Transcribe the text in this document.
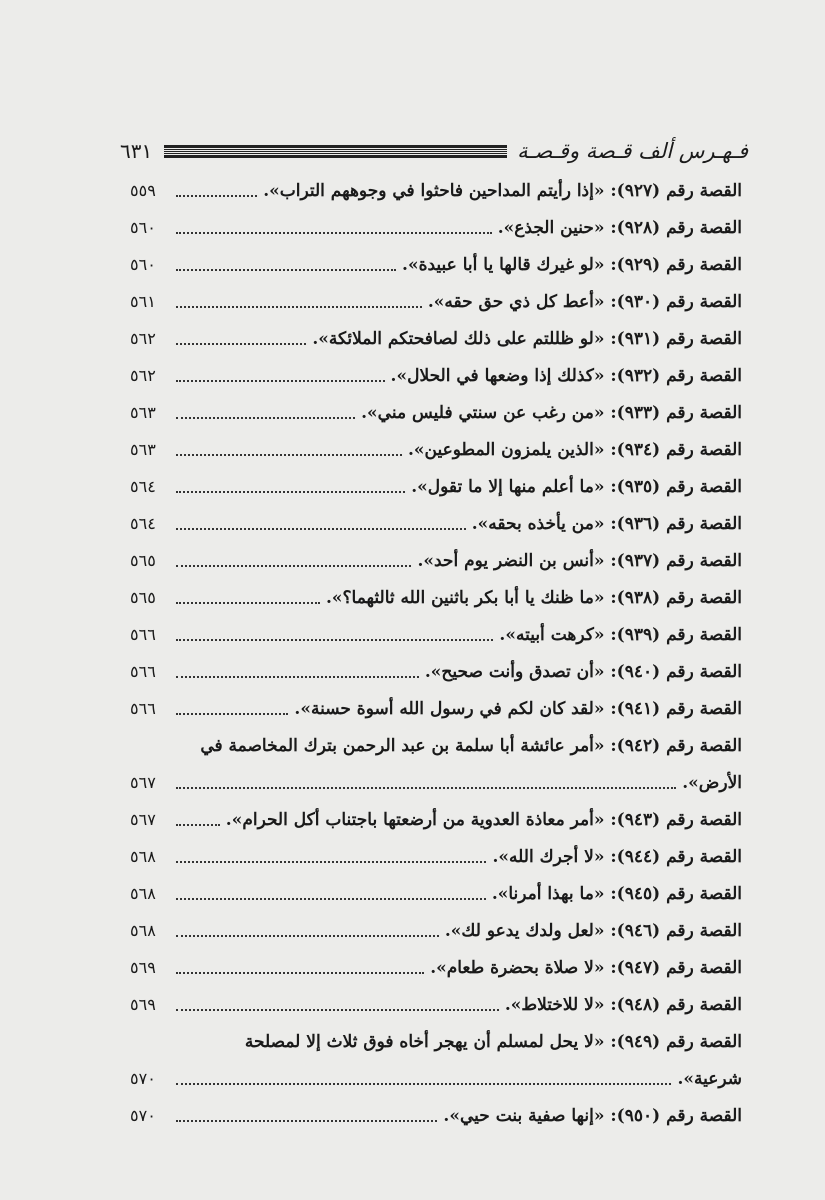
فـهـرس ألف قـصة وقـصـة
٦٣١
القصة رقم (٩٢٧): «إذا رأيتم المداحين فاحثوا في وجوههم التراب».
٥٥٩
القصة رقم (٩٢٨): «حنين الجذع».
٥٦٠
القصة رقم (٩٢٩): «لو غيرك قالها يا أبا عبيدة».
٥٦٠
القصة رقم (٩٣٠): «أعط كل ذي حق حقه».
٥٦١
القصة رقم (٩٣١): «لو ظللتم على ذلك لصافحتكم الملائكة».
٥٦٢
القصة رقم (٩٣٢): «كذلك إذا وضعها في الحلال».
٥٦٢
القصة رقم (٩٣٣): «من رغب عن سنتي فليس مني».
٥٦٣
القصة رقم (٩٣٤): «الذين يلمزون المطوعين».
٥٦٣
القصة رقم (٩٣٥): «ما أعلم منها إلا ما تقول».
٥٦٤
القصة رقم (٩٣٦): «من يأخذه بحقه».
٥٦٤
القصة رقم (٩٣٧): «أنس بن النضر يوم أحد».
٥٦٥
القصة رقم (٩٣٨): «ما ظنك يا أبا بكر باثنين الله ثالثهما؟».
٥٦٥
القصة رقم (٩٣٩): «كرهت أبيته».
٥٦٦
القصة رقم (٩٤٠): «أن تصدق وأنت صحيح».
٥٦٦
القصة رقم (٩٤١): «لقد كان لكم في رسول الله أسوة حسنة».
٥٦٦
القصة رقم (٩٤٢): «أمر عائشة أبا سلمة بن عبد الرحمن بترك المخاصمة في
الأرض».
٥٦٧
القصة رقم (٩٤٣): «أمر معاذة العدوية من أرضعتها باجتناب أكل الحرام».
٥٦٧
القصة رقم (٩٤٤): «لا أجرك الله».
٥٦٨
القصة رقم (٩٤٥): «ما بهذا أمرنا».
٥٦٨
القصة رقم (٩٤٦): «لعل ولدك يدعو لك».
٥٦٨
القصة رقم (٩٤٧): «لا صلاة بحضرة طعام».
٥٦٩
القصة رقم (٩٤٨): «لا للاختلاط».
٥٦٩
القصة رقم (٩٤٩): «لا يحل لمسلم أن يهجر أخاه فوق ثلاث إلا لمصلحة
شرعية».
٥٧٠
القصة رقم (٩٥٠): «إنها صفية بنت حيي».
٥٧٠
